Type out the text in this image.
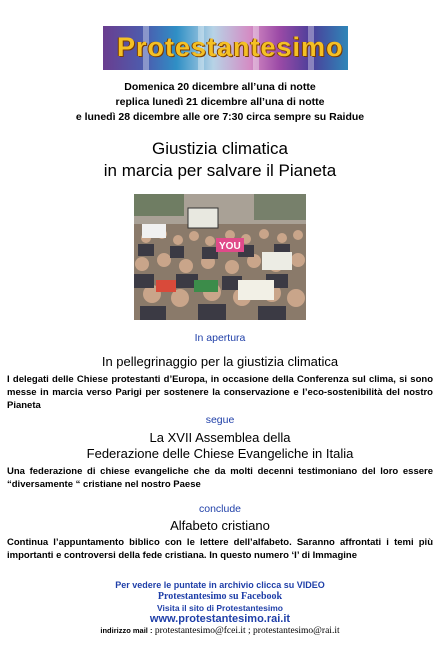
Protestantesimo
Domenica 20 dicembre all’una di notte
replica lunedì 21 dicembre all’una di notte
e lunedì 28 dicembre alle ore 7:30 circa sempre su Raidue
Giustizia climatica
in marcia per salvare il Pianeta
YOU
In apertura
In pellegrinaggio per la giustizia climatica
I delegati delle Chiese protestanti d’Europa, in occasione della Conferenza sul clima, si sono messe in marcia verso Parigi per sostenere la conservazione e l’eco-sostenibilità del nostro Pianeta
segue
La XVII Assemblea della
Federazione delle Chiese Evangeliche in Italia
Una federazione di chiese evangeliche che da molti decenni testimoniano del loro essere “diversamente “ cristiane nel nostro Paese
conclude
Alfabeto cristiano
Continua l’appuntamento biblico con le lettere dell’alfabeto. Saranno affrontati i temi più importanti e controversi della fede cristiana. In questo numero ‘I’ di Immagine
Per vedere le puntate in archivio clicca su VIDEO
Protestantesimo su Facebook
Visita il sito di Protestantesimo
www.protestantesimo.rai.it
indirizzo mail : protestantesimo@fcei.it ; protestantesimo@rai.it
